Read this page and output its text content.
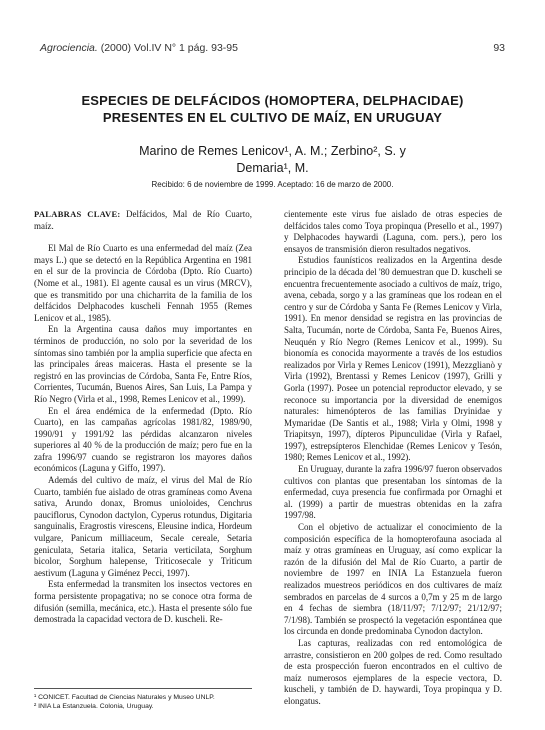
Agrociencia. (2000) Vol.IV N° 1 pág. 93-95	93
ESPECIES DE DELFÁCIDOS (HOMOPTERA, DELPHACIDAE)
PRESENTES EN EL CULTIVO DE MAÍZ, EN URUGUAY
Marino de Remes Lenicov¹, A. M.; Zerbino², S. y
Demaria¹, M.
Recibido: 6 de noviembre de 1999. Aceptado: 16 de marzo de 2000.

PALABRAS CLAVE: Delfácidos, Mal de Río Cuarto, maíz.

El Mal de Río Cuarto es una enfermedad del maíz (Zea mays L.) que se detectó en la República Argentina en 1981 en el sur de la provincia de Córdoba (Dpto. Río Cuarto) (Nome et al., 1981). El agente causal es un virus (MRCV), que es transmitido por una chicharrita de la familia de los delfácidos Delphacodes kuscheli Fennah 1955 (Remes Lenicov et al., 1985).

En la Argentina causa daños muy importantes en términos de producción, no solo por la severidad de los síntomas sino también por la amplia superficie que afecta en las principales áreas maiceras. Hasta el presente se la registró en las provincias de Córdoba, Santa Fe, Entre Ríos, Corrientes, Tucumán, Buenos Aires, San Luis, La Pampa y Río Negro (Virla et al., 1998, Remes Lenicov et al., 1999).

En el área endémica de la enfermedad (Dpto. Río Cuarto), en las campañas agrícolas 1981/82, 1989/90, 1990/91 y 1991/92 las pérdidas alcanzaron niveles superiores al 40 % de la producción de maíz; pero fue en la zafra 1996/97 cuando se registraron los mayores daños económicos (Laguna y Giffo, 1997).

Además del cultivo de maíz, el virus del Mal de Río Cuarto, también fue aislado de otras gramíneas como Avena sativa, Arundo donax, Bromus unioloides, Cenchrus pauciflorus, Cynodon dactylon, Cyperus rotundus, Digitaria sanguinalis, Eragrostis virescens, Eleusine indica, Hordeum vulgare, Panicum milliaceum, Secale cereale, Setaria geniculata, Setaria italica, Setaria verticilata, Sorghum bicolor, Sorghum halepense, Triticosecale y Triticum aestivum (Laguna y Giménez Pecci, 1997).

Esta enfermedad la transmiten los insectos vectores en forma persistente propagativa; no se conoce otra forma de difusión (semilla, mecánica, etc.). Hasta el presente sólo fue demostrada la capacidad vectora de D. kuscheli. Re-

cientemente este virus fue aislado de otras especies de delfácidos tales como Toya propinqua (Presello et al., 1997) y Delphacodes haywardi (Laguna, com. pers.), pero los ensayos de transmisión dieron resultados negativos.

Estudios faunísticos realizados en la Argentina desde principio de la década del '80 demuestran que D. kuscheli se encuentra frecuentemente asociado a cultivos de maíz, trigo, avena, cebada, sorgo y a las gramíneas que los rodean en el centro y sur de Córdoba y Santa Fe (Remes Lenicov y Virla, 1991). En menor densidad se registra en las provincias de Salta, Tucumán, norte de Córdoba, Santa Fe, Buenos Aires, Neuquén y Río Negro (Remes Lenicov et al., 1999). Su bionomía es conocida mayormente a través de los estudios realizados por Virla y Remes Lenicov (1991), Mezzglianò y Virla (1992), Brentassi y Remes Lenicov (1997), Grilli y Gorla (1997). Posee un potencial reproductor elevado, y se reconoce su importancia por la diversidad de enemigos naturales: himenópteros de las familias Dryinidae y Mymaridae (De Santis et al., 1988; Virla y Olmi, 1998 y Triapitsyn, 1997), dípteros Pipunculidae (Virla y Rafael, 1997), estrepsípteros Elenchidae (Remes Lenicov y Tesón, 1980; Remes Lenicov et al., 1992).

En Uruguay, durante la zafra 1996/97 fueron observados cultivos con plantas que presentaban los síntomas de la enfermedad, cuya presencia fue confirmada por Ornaghi et al. (1999) a partir de muestras obtenidas en la zafra 1997/98.

Con el objetivo de actualizar el conocimiento de la composición específica de la homopterofauna asociada al maíz y otras gramíneas en Uruguay, así como explicar la razón de la difusión del Mal de Río Cuarto, a partir de noviembre de 1997 en INIA La Estanzuela fueron realizados muestreos periódicos en dos cultivares de maíz sembrados en parcelas de 4 surcos a 0,7m y 25 m de largo en 4 fechas de siembra (18/11/97; 7/12/97; 21/12/97; 7/1/98). También se prospectó la vegetación espontánea que los circunda en donde predominaba Cynodon dactylon.

Las capturas, realizadas con red entomológica de arrastre, consistieron en 200 golpes de red. Como resultado de esta prospección fueron encontrados en el cultivo de maíz numerosos ejemplares de la especie vectora, D. kuscheli, y también de D. haywardi, Toya propinqua y D. elongatus.

¹ CONICET. Facultad de Ciencias Naturales y Museo UNLP.

² INIA La Estanzuela. Colonia, Uruguay.
